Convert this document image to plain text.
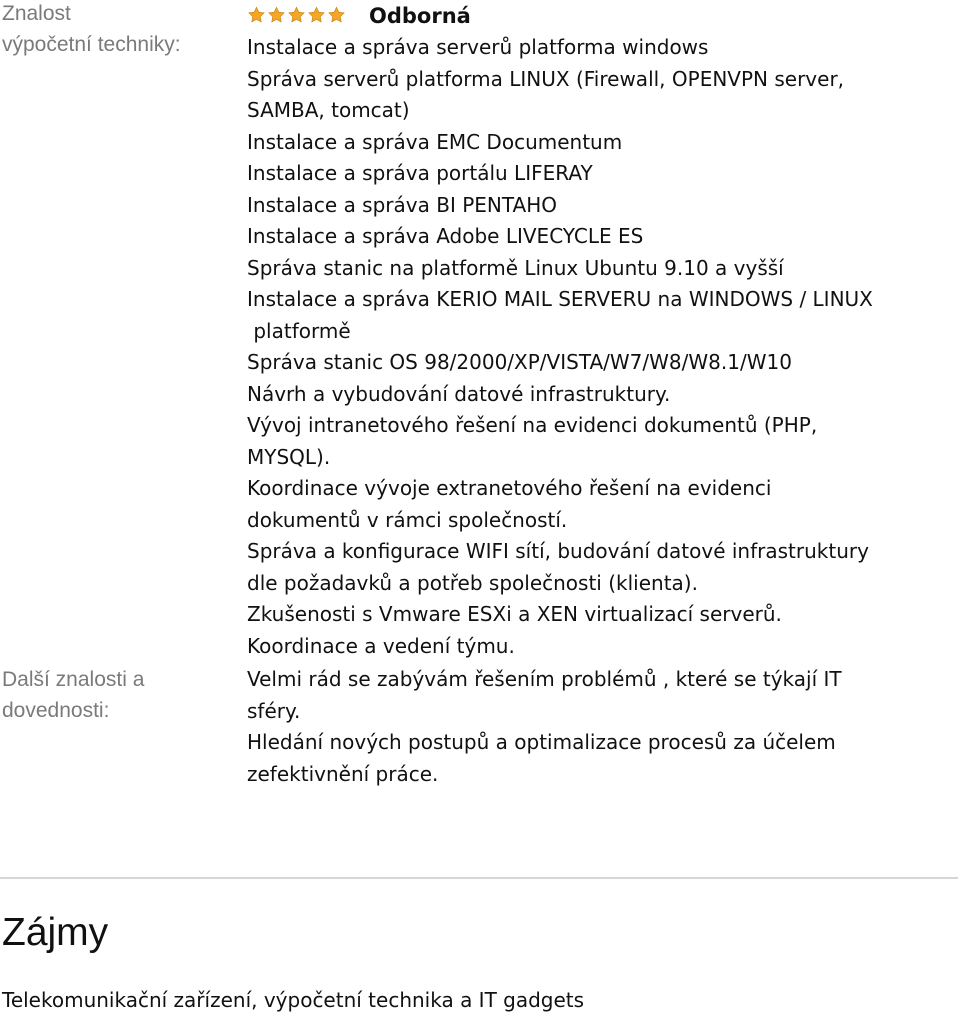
Znalost
výpočetní techniky:
Odborná
Instalace a správa serverů platforma windows
Správa serverů platforma LINUX (Firewall, OPENVPN server,
SAMBA, tomcat)
Instalace a správa EMC Documentum
Instalace a správa portálu LIFERAY
Instalace a správa BI PENTAHO
Instalace a správa Adobe LIVECYCLE ES
Správa stanic na platformě Linux Ubuntu 9.10 a vyšší
Instalace a správa KERIO MAIL SERVERU na WINDOWS / LINUX
platformě
Správa stanic OS 98/2000/XP/VISTA/W7/W8/W8.1/W10
Návrh a vybudování datové infrastruktury.
Vývoj intranetového řešení na evidenci dokumentů (PHP,
MYSQL).
Koordinace vývoje extranetového řešení na evidenci
dokumentů v rámci společností.
Správa a konfigurace WIFI sítí, budování datové infrastruktury
dle požadavků a potřeb společnosti (klienta).
Zkušenosti s Vmware ESXi a XEN virtualizací serverů.
Koordinace a vedení týmu.
Další znalosti a
dovednosti:
Velmi rád se zabývám řešením problémů , které se týkají IT
sféry.
Hledání nových postupů a optimalizace procesů za účelem
zefektivnění práce.
Zájmy
Telekomunikační zařízení, výpočetní technika a IT gadgets
